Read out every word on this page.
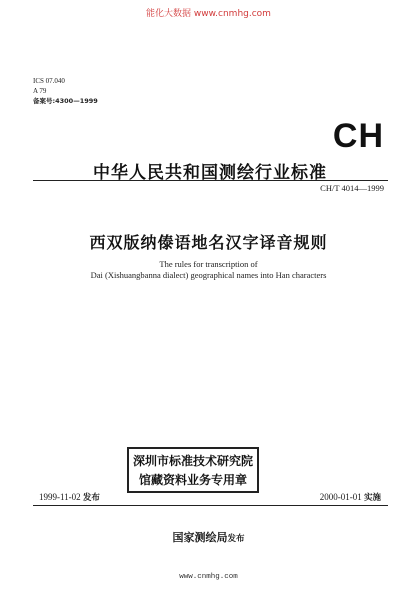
能化大数据 www.cnmhg.com
ICS 07.040
A 79
备案号:4300—1999
CH
中华人民共和国测绘行业标准
CH/T 4014—1999
西双版纳傣语地名汉字译音规则
The rules for transcription of
Dai (Xishuangbanna dialect) geographical names into Han characters
深圳市标准技术研究院
馆藏资料业务专用章
1999-11-02 发布	2000-01-01 实施
国家测绘局发布
www.cnmhg.com
